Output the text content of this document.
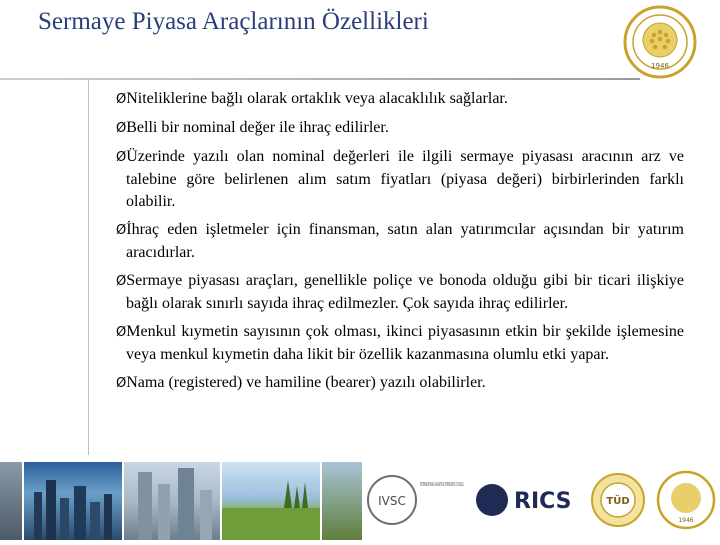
Sermaye Piyasa Araçlarının Özellikleri
1946

ØNiteliklerine bağlı olarak ortaklık veya alacaklılık sağlarlar.

ØBelli bir nominal değer ile ihraç edilirler.

ØÜzerinde yazılı olan nominal değerleri ile ilgili sermaye piyasası aracının arz ve talebine göre belirlenen alım satım fiyatları (piyasa değeri) birbirlerinden farklı olabilir.

Øİhraç eden işletmeler için finansman, satın alan yatırımcılar açısından bir yatırım aracıdırlar.

ØSermaye piyasası araçları, genellikle poliçe ve bonoda olduğu gibi bir ticari ilişkiye bağlı olarak sınırlı sayıda ihraç edilmezler. Çok sayıda ihraç edilirler.

ØMenkul kıymetin sayısının çok olması, ikinci piyasasının etkin bir şekilde işlemesine veya menkul kıymetin daha likit bir özellik kazanmasına olumlu etki yapar.

ØNama (registered) ve hamiline (bearer) yazılı olabilirler.

IVSC
INTERNATIONAL VALUATION STANDARDS COUNCIL
RICS	TÜD
1946
